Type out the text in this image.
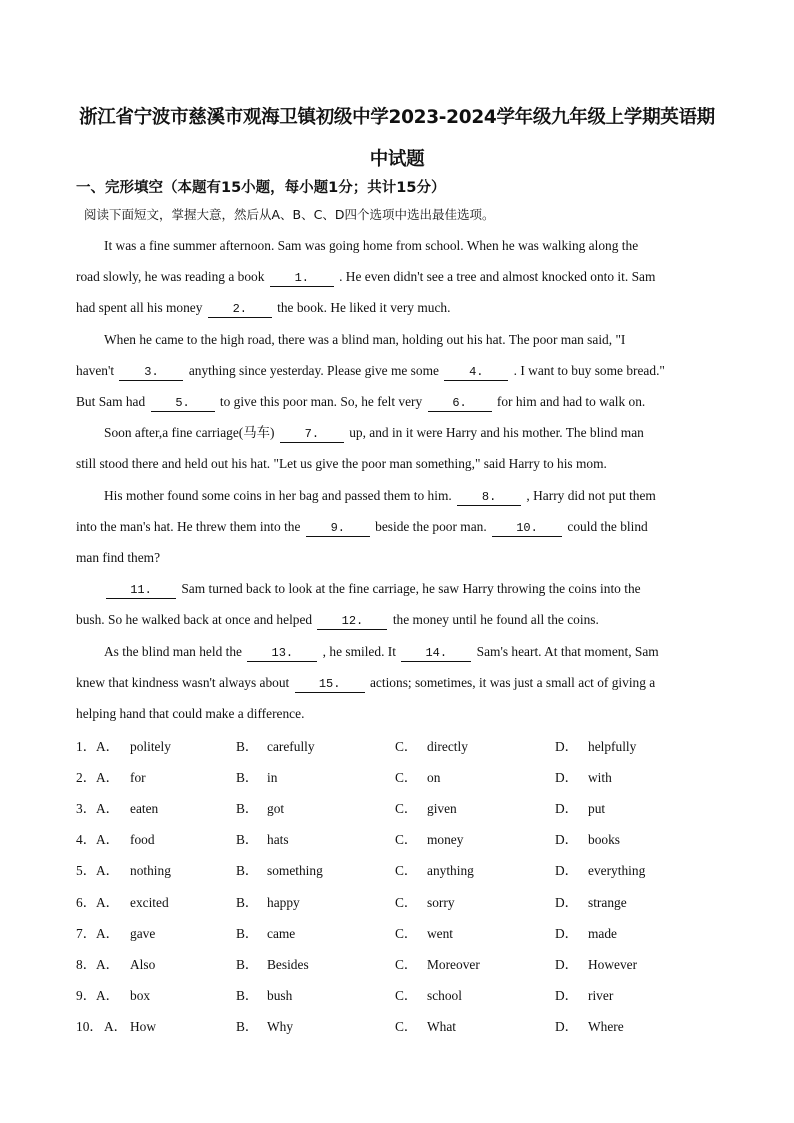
浙江省宁波市慈溪市观海卫镇初级中学2023-2024学年级九年级上学期英语期
中试题
一、完形填空（本题有15小题，每小题1分；共计15分）
阅读下面短文，掌握大意，然后从A、B、C、D四个选项中选出最佳选项。
It was a fine summer afternoon. Sam was going home from school. When he was walking along the
road slowly, he was reading a book 1. . He even didn't see a tree and almost knocked onto it. Sam
had spent all his money 2. the book. He liked it very much.
When he came to the high road, there was a blind man, holding out his hat. The poor man said, "I
haven't 3. anything since yesterday. Please give me some 4. . I want to buy some bread."
But Sam had 5. to give this poor man. So, he felt very 6. for him and had to walk on.
Soon after,a fine carriage(马车) 7. up, and in it were Harry and his mother. The blind man
still stood there and held out his hat. "Let us give the poor man something," said Harry to his mom.
His mother found some coins in her bag and passed them to him. 8. , Harry did not put them
into the man's hat. He threw them into the 9. beside the poor man. 10. could the blind
man find them?
11. Sam turned back to look at the fine carriage, he saw Harry throwing the coins into the
bush. So he walked back at once and helped 12. the money until he found all the coins.
As the blind man held the 13. , he smiled. It 14. Sam's heart. At that moment, Sam
knew that kindness wasn't always about 15. actions; sometimes, it was just a small act of giving a
helping hand that could make a difference.
1． A． politely	B． carefully	C． directly	D． helpfully
2． A． for	B． in	C． on	D． with
3． A． eaten	B． got	C． given	D． put
4． A． food	B． hats	C． money	D． books
5． A． nothing	B． something	C． anything	D． everything
6． A． excited	B． happy	C． sorry	D． strange
7． A． gave	B． came	C． went	D． made
8． A． Also	B． Besides	C． Moreover	D． However
9． A． box	B． bush	C． school	D． river
10． A． How	B． Why	C． What	D． Where
